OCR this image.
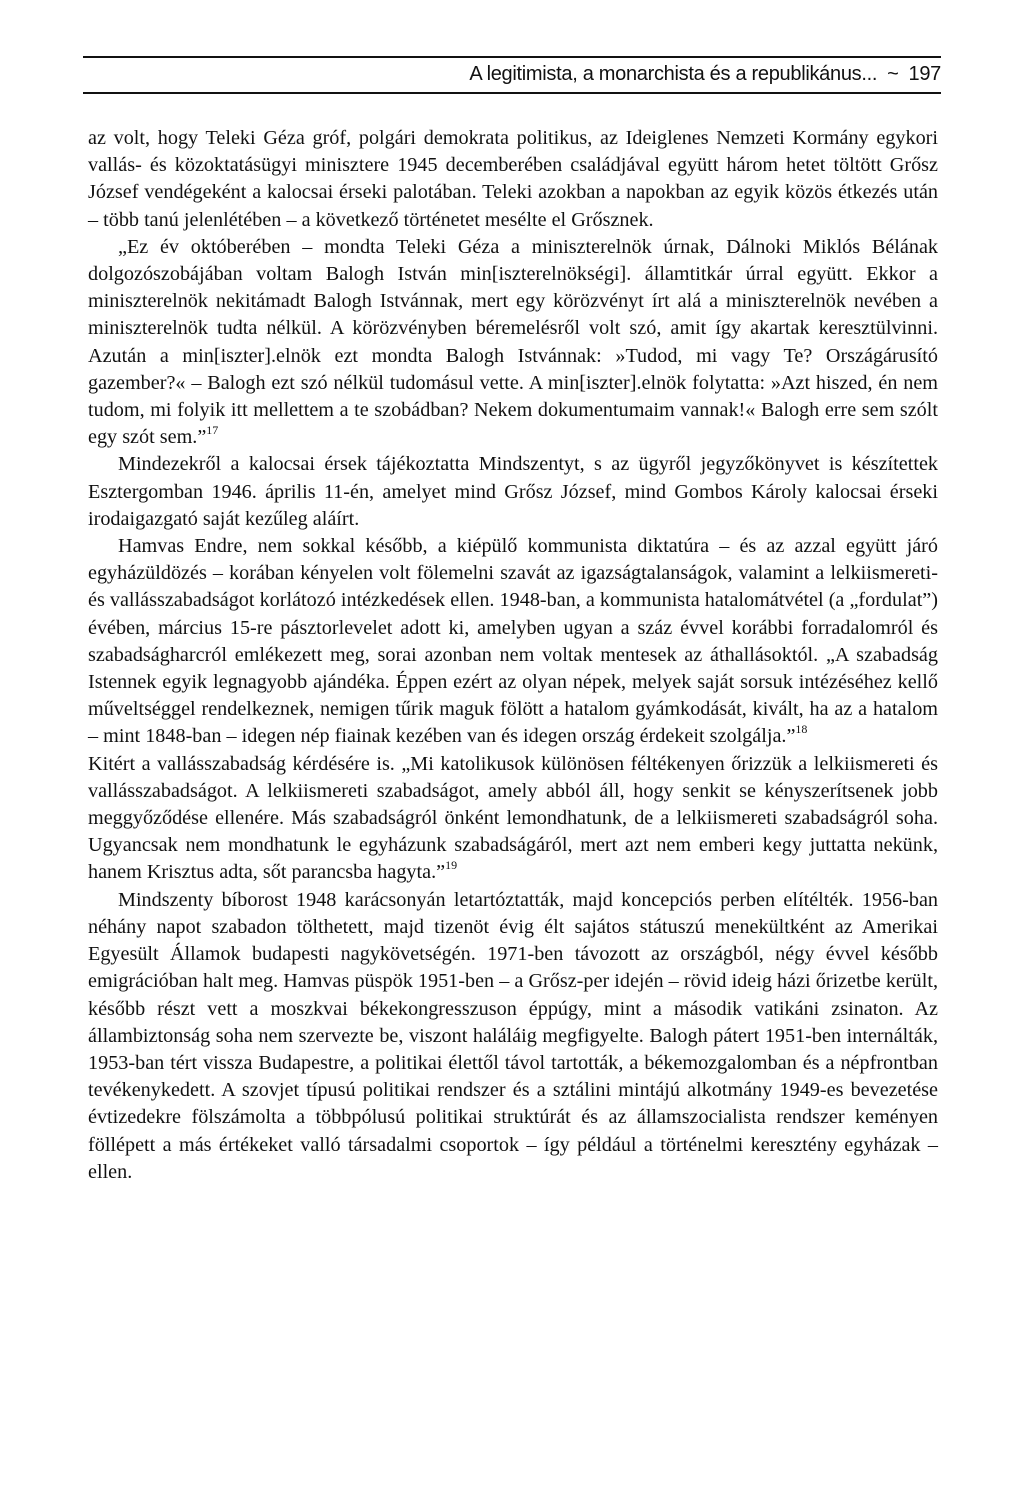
A legitimista, a monarchista és a republikánus... ~ 197

az volt, hogy Teleki Géza gróf, polgári demokrata politikus, az Ideiglenes Nemzeti Kormány egykori vallás- és közoktatásügyi minisztere 1945 decemberében családjával együtt három hetet töltött Grősz József vendégeként a kalocsai érseki palotában. Teleki azokban a napokban az egyik közös étkezés után – több tanú jelenlétében – a következő történetet mesélte el Grősznek.

„Ez év októberében – mondta Teleki Géza a miniszterelnök úrnak, Dálnoki Miklós Bélának dolgozószobájában voltam Balogh István min[iszterelnökségi]. államtitkár úrral együtt. Ekkor a miniszterelnök nekitámadt Balogh Istvánnak, mert egy körözvényt írt alá a miniszterelnök nevében a miniszterelnök tudta nélkül. A körözvényben béremelésről volt szó, amit így akartak keresztülvinni. Azután a min[iszter].elnök ezt mondta Balogh Istvánnak: »Tudod, mi vagy Te? Országárusító gazember?« – Balogh ezt szó nélkül tudomásul vette. A min[iszter].elnök folytatta: »Azt hiszed, én nem tudom, mi folyik itt mellettem a te szobádban? Nekem dokumentumaim vannak!« Balogh erre sem szólt egy szót sem.”$^{17}$

Mindezekről a kalocsai érsek tájékoztatta Mindszentyt, s az ügyről jegyzőkönyvet is készítettek Esztergomban 1946. április 11-én, amelyet mind Grősz József, mind Gombos Károly kalocsai érseki irodaigazgató saját kezűleg aláírt.

Hamvas Endre, nem sokkal később, a kiépülő kommunista diktatúra – és az azzal együtt járó egyházüldözés – korában kényelen volt fölemelni szavát az igazságtalanságok, valamint a lelkiismereti- és vallásszabadságot korlátozó intézkedések ellen. 1948-ban, a kommunista hatalomátvétel (a „fordulat”) évében, március 15-re pásztorlevelet adott ki, amelyben ugyan a száz évvel korábbi forradalomról és szabadságharcról emlékezett meg, sorai azonban nem voltak mentesek az áthallásoktól. „A szabadság Istennek egyik legnagyobb ajándéka. Éppen ezért az olyan népek, melyek saját sorsuk intézéséhez kellő műveltséggel rendelkeznek, nemigen tűrik maguk fölött a hatalom gyámkodását, kivált, ha az a hatalom – mint 1848-ban – idegen nép fiainak kezében van és idegen ország érdekeit szolgálja.”$^{18}$

Kitért a vallásszabadság kérdésére is. „Mi katolikusok különösen féltékenyen őrizzük a lelkiismereti és vallásszabadságot. A lelkiismereti szabadságot, amely abból áll, hogy senkit se kényszerítsenek jobb meggyőződése ellenére. Más szabadságról önként lemondhatunk, de a lelkiismereti szabadságról soha. Ugyancsak nem mondhatunk le egyházunk szabadságáról, mert azt nem emberi kegy juttatta nekünk, hanem Krisztus adta, sőt parancsba hagyta.”$^{19}$

Mindszenty bíborost 1948 karácsonyán letartóztatták, majd koncepciós perben elítélték. 1956-ban néhány napot szabadon tölthetett, majd tizenöt évig élt sajátos státuszú menekültként az Amerikai Egyesült Államok budapesti nagykövetségén. 1971-ben távozott az országból, négy évvel később emigrációban halt meg. Hamvas püspök 1951-ben – a Grősz-per idején – rövid ideig házi őrizetbe került, később részt vett a moszkvai békekongresszuson éppúgy, mint a második vatikáni zsinaton. Az állambiztonság soha nem szervezte be, viszont haláláig megfigyelte. Balogh pátert 1951-ben internálták, 1953-ban tért vissza Budapestre, a politikai élettől távol tartották, a békemozgalomban és a népfrontban tevékenykedett. A szovjet típusú politikai rendszer és a sztálini mintájú alkotmány 1949-es bevezetése évtizedekre fölszámolta a többpólusú politikai struktúrát és az államszocialista rendszer keményen föllépett a más értékeket valló társadalmi csoportok – így például a történelmi keresztény egyházak – ellen.
